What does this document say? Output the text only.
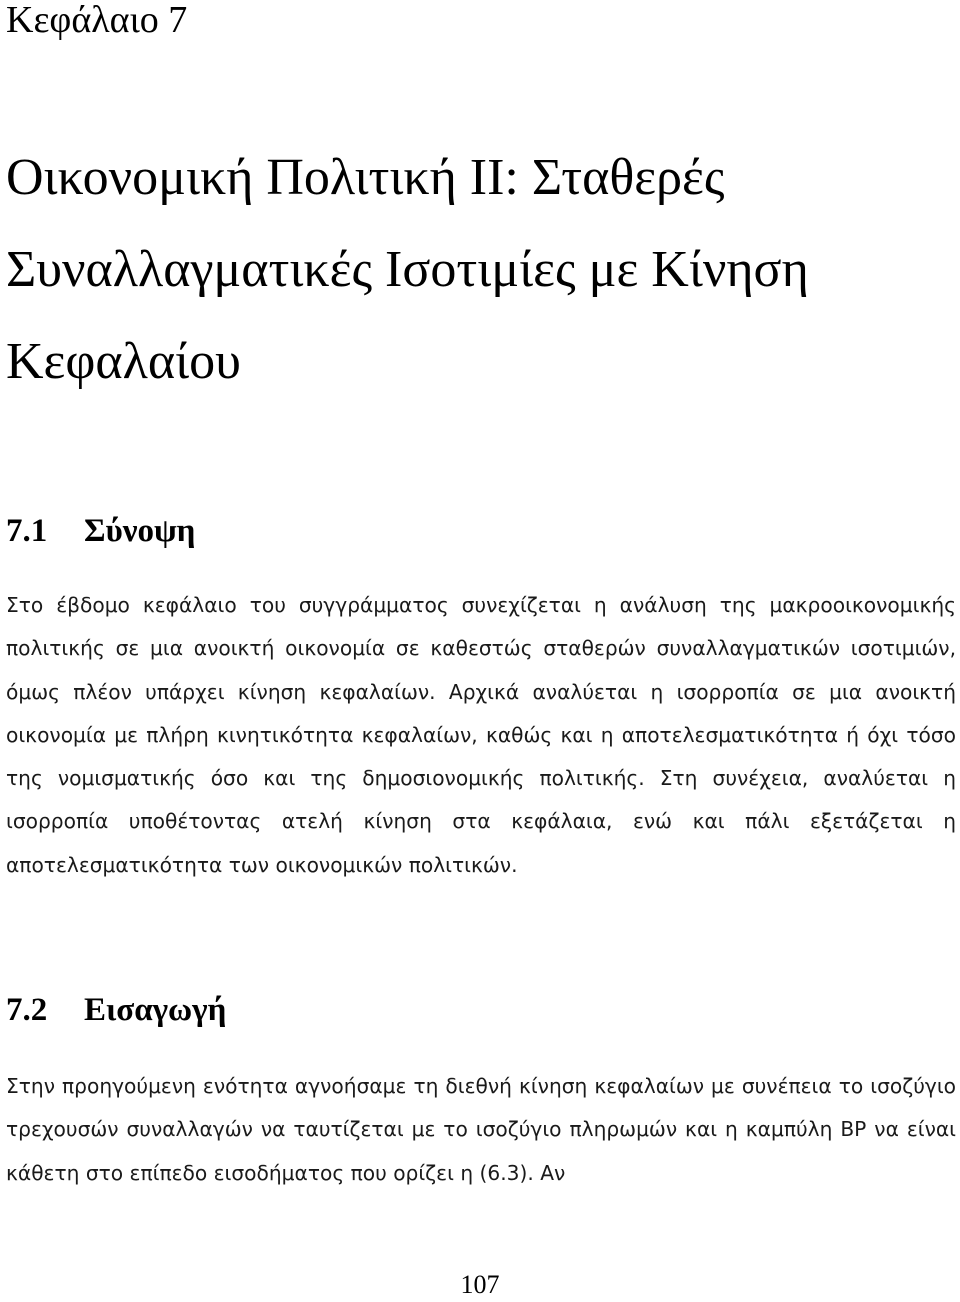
Κεφάλαιο 7
Οικονομική Πολιτική ΙΙ: Σταθερές Συναλλαγματικές Ισοτιμίες με Κίνηση Κεφαλαίου
7.1 Σύνοψη

Στο έβδομο κεφάλαιο του συγγράμματος συνεχίζεται η ανάλυση της μακροοικονομικής πολιτικής σε μια ανοικτή οικονομία σε καθεστώς σταθερών συναλλαγματικών ισοτιμιών, όμως πλέον υπάρχει κίνηση κεφαλαίων. Αρχικά αναλύεται η ισορροπία σε μια ανοικτή οικονομία με πλήρη κινητικότητα κεφαλαίων, καθώς και η αποτελεσματικότητα ή όχι τόσο της νομισματικής όσο και της δημοσιονομικής πολιτικής. Στη συνέχεια, αναλύεται η ισορροπία υποθέτοντας ατελή κίνηση στα κεφάλαια, ενώ και πάλι εξετάζεται η αποτελεσματικότητα των οικονομικών πολιτικών.

7.2 Εισαγωγή

Στην προηγούμενη ενότητα αγνοήσαμε τη διεθνή κίνηση κεφαλαίων με συνέπεια το ισοζύγιο τρεχουσών συναλλαγών να ταυτίζεται με το ισοζύγιο πληρωμών και η καμπύλη BP να είναι κάθετη στο επίπεδο εισοδήματος που ορίζει η (6.3). Αν

107
